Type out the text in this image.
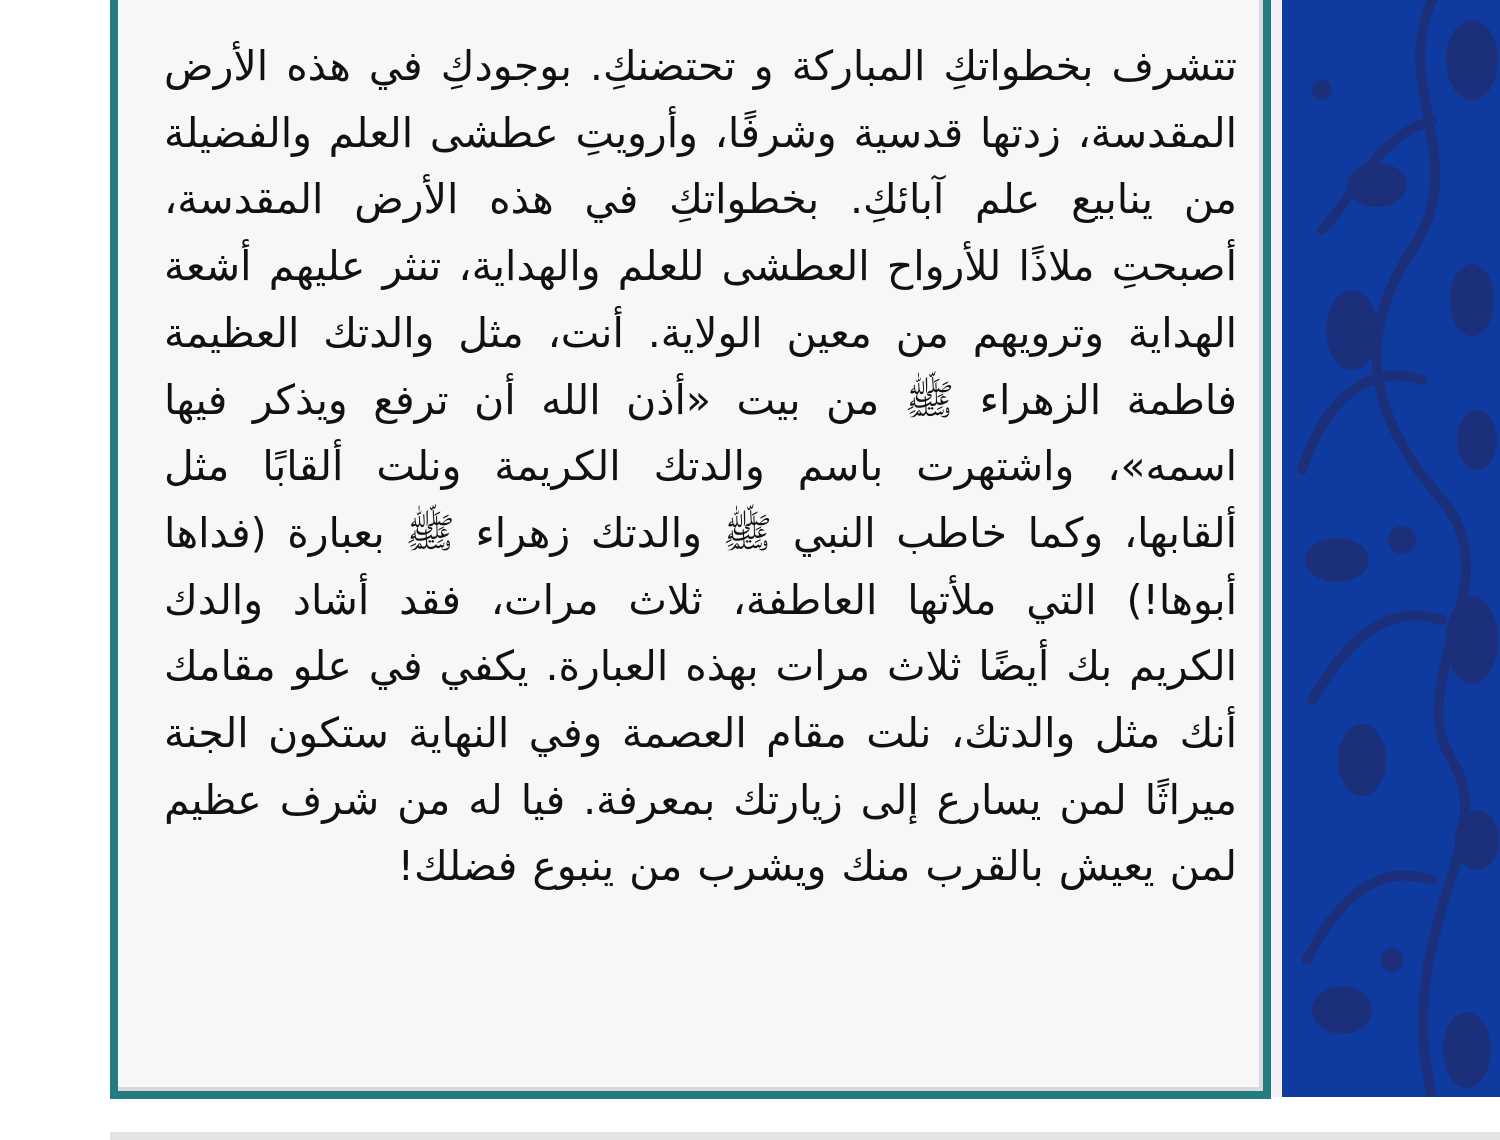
تتشرف بخطواتكِ المباركة و تحتضنكِ. بوجودكِ في هذه الأرض المقدسة، زدتها قدسية وشرفًا، وأرويتِ عطشى العلم والفضيلة من ينابيع علم آبائكِ. بخطواتكِ في هذه الأرض المقدسة، أصبحتِ ملاذًا للأرواح العطشى للعلم والهداية، تنثر عليهم أشعة الهداية وترويهم من معين الولاية. أنت، مثل والدتك العظيمة فاطمة الزهراء ﷺ من بيت «أذن الله أن ترفع ويذكر فيها اسمه»، واشتهرت باسم والدتك الكريمة ونلت ألقابًا مثل ألقابها، وكما خاطب النبي ﷺ والدتك زهراء ﷺ بعبارة (فداها أبوها!) التي ملأتها العاطفة، ثلاث مرات، فقد أشاد والدك الكريم بك أيضًا ثلاث مرات بهذه العبارة. يكفي في علو مقامك أنك مثل والدتك، نلت مقام العصمة وفي النهاية ستكون الجنة ميراثًا لمن يسارع إلى زيارتك بمعرفة. فيا له من شرف عظيم لمن يعيش بالقرب منك ويشرب من ينبوع فضلك!
